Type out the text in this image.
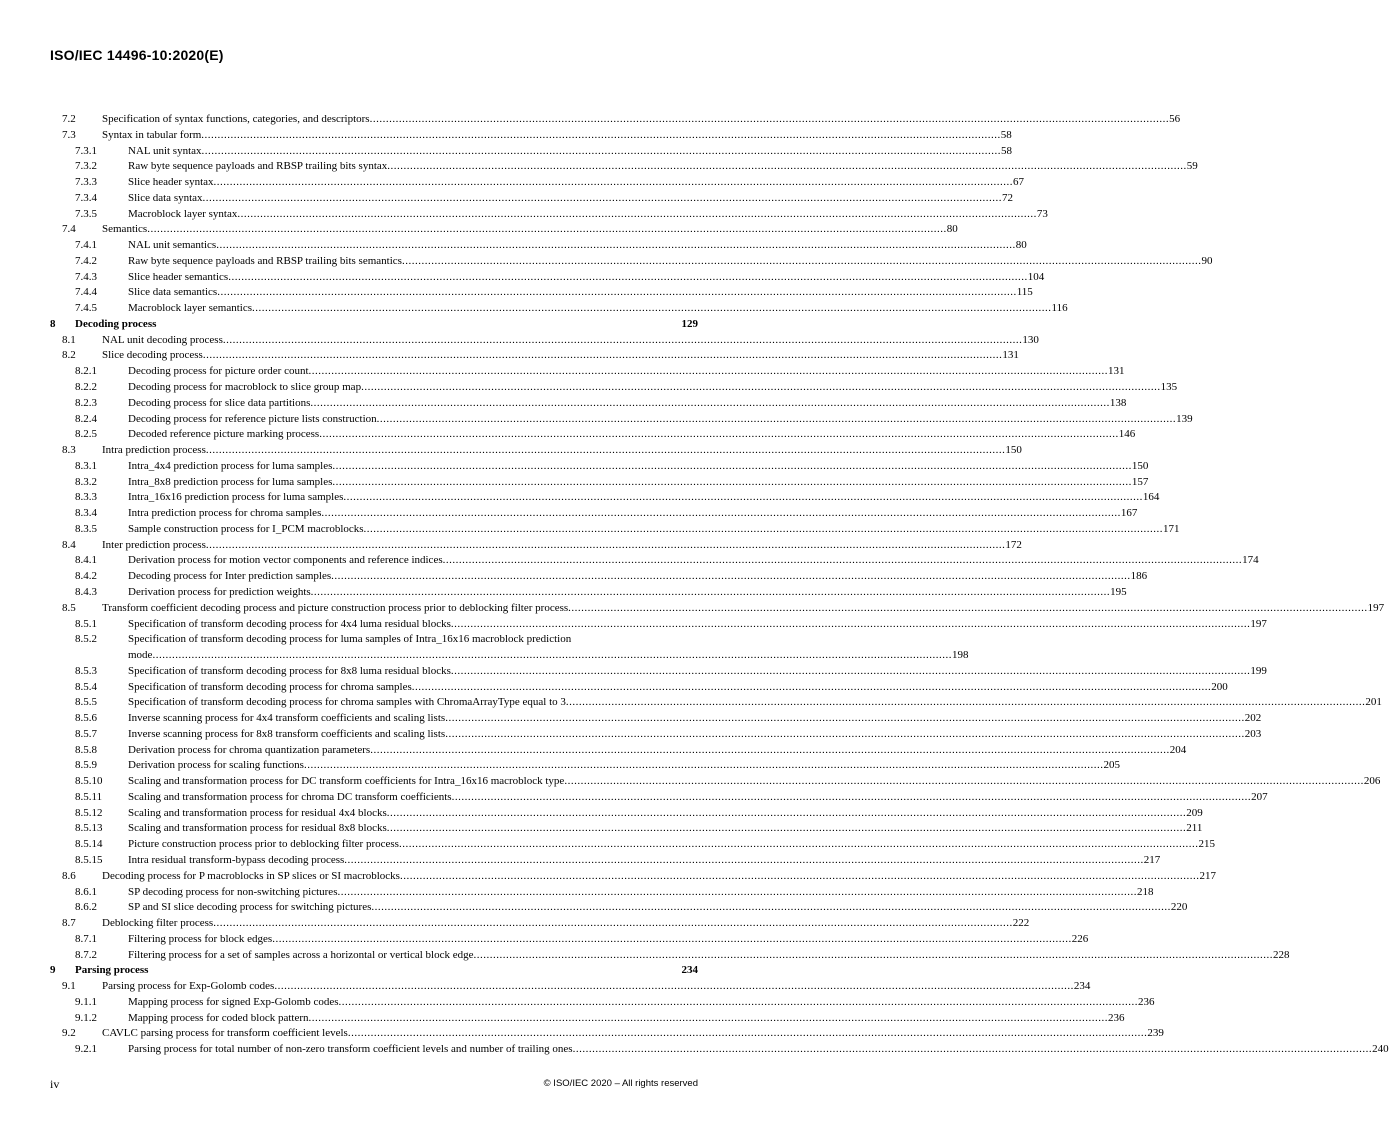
ISO/IEC 14496-10:2020(E)
7.2	Specification of syntax functions, categories, and descriptors .....	56
7.3	Syntax in tabular form .....	58
7.3.1	NAL unit syntax .....	58
7.3.2	Raw byte sequence payloads and RBSP trailing bits syntax .....	59
7.3.3	Slice header syntax .....	67
7.3.4	Slice data syntax .....	72
7.3.5	Macroblock layer syntax .....	73
7.4	Semantics .....	80
7.4.1	NAL unit semantics .....	80
7.4.2	Raw byte sequence payloads and RBSP trailing bits semantics .....	90
7.4.3	Slice header semantics .....	104
7.4.4	Slice data semantics .....	115
7.4.5	Macroblock layer semantics .....	116
8	Decoding process	129
8.1	NAL unit decoding process .....	130
8.2	Slice decoding process .....	131
8.2.1	Decoding process for picture order count .....	131
8.2.2	Decoding process for macroblock to slice group map .....	135
8.2.3	Decoding process for slice data partitions .....	138
8.2.4	Decoding process for reference picture lists construction .....	139
8.2.5	Decoded reference picture marking process .....	146
8.3	Intra prediction process .....	150
8.3.1	Intra_4x4 prediction process for luma samples .....	150
8.3.2	Intra_8x8 prediction process for luma samples .....	157
8.3.3	Intra_16x16 prediction process for luma samples .....	164
8.3.4	Intra prediction process for chroma samples .....	167
8.3.5	Sample construction process for I_PCM macroblocks .....	171
8.4	Inter prediction process .....	172
8.4.1	Derivation process for motion vector components and reference indices .....	174
8.4.2	Decoding process for Inter prediction samples .....	186
8.4.3	Derivation process for prediction weights .....	195
8.5	Transform coefficient decoding process and picture construction process prior to deblocking filter process .....	197
8.5.1	Specification of transform decoding process for 4x4 luma residual blocks .....	197
8.5.2	Specification of transform decoding process for luma samples of Intra_16x16 macroblock prediction
mode .....	198
8.5.3	Specification of transform decoding process for 8x8 luma residual blocks .....	199
8.5.4	Specification of transform decoding process for chroma samples .....	200
8.5.5	Specification of transform decoding process for chroma samples with ChromaArrayType equal to 3 .....	201
8.5.6	Inverse scanning process for 4x4 transform coefficients and scaling lists .....	202
8.5.7	Inverse scanning process for 8x8 transform coefficients and scaling lists .....	203
8.5.8	Derivation process for chroma quantization parameters .....	204
8.5.9	Derivation process for scaling functions .....	205
8.5.10	Scaling and transformation process for DC transform coefficients for Intra_16x16 macroblock type .....	206
8.5.11	Scaling and transformation process for chroma DC transform coefficients .....	207
8.5.12	Scaling and transformation process for residual 4x4 blocks .....	209
8.5.13	Scaling and transformation process for residual 8x8 blocks .....	211
8.5.14	Picture construction process prior to deblocking filter process .....	215
8.5.15	Intra residual transform-bypass decoding process .....	217
8.6	Decoding process for P macroblocks in SP slices or SI macroblocks .....	217
8.6.1	SP decoding process for non-switching pictures .....	218
8.6.2	SP and SI slice decoding process for switching pictures .....	220
8.7	Deblocking filter process .....	222
8.7.1	Filtering process for block edges .....	226
8.7.2	Filtering process for a set of samples across a horizontal or vertical block edge .....	228
9	Parsing process	234
9.1	Parsing process for Exp-Golomb codes .....	234
9.1.1	Mapping process for signed Exp-Golomb codes .....	236
9.1.2	Mapping process for coded block pattern .....	236
9.2	CAVLC parsing process for transform coefficient levels .....	239
9.2.1	Parsing process for total number of non-zero transform coefficient levels and number of trailing ones .....	240
iv	© ISO/IEC 2020 – All rights reserved
